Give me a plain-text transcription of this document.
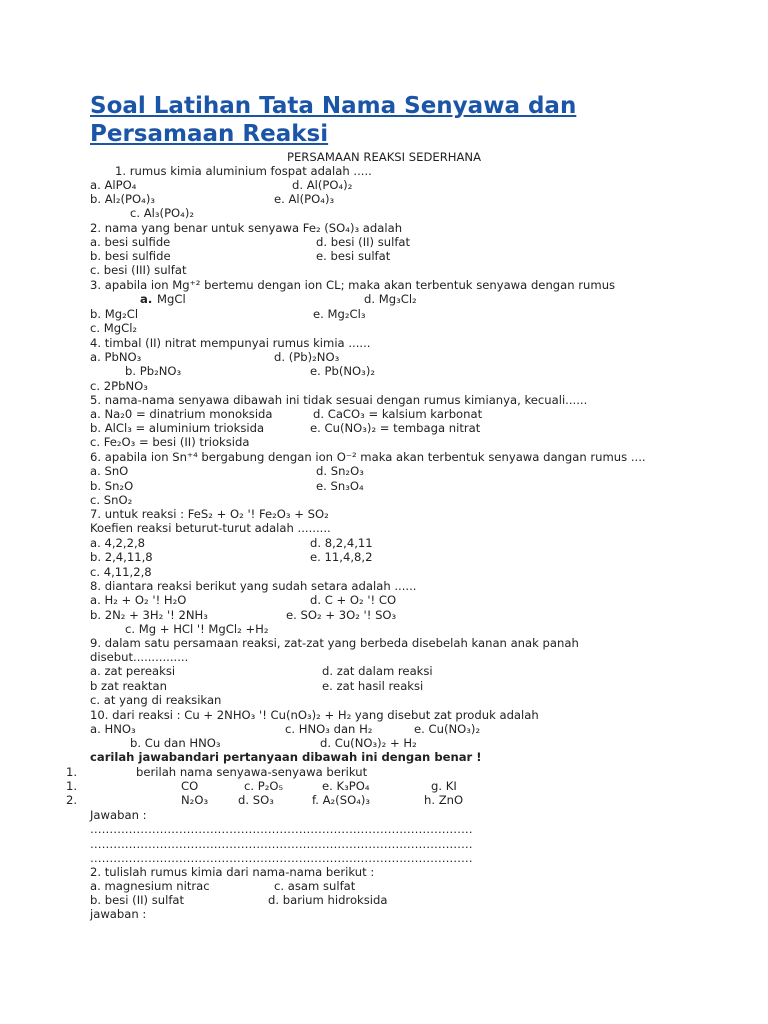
Soal Latihan Tata Nama Senyawa dan
Persamaan Reaksi
PERSAMAAN REAKSI SEDERHANA
1. rumus kimia aluminium fospat adalah .....
a. AlPO₄	d. Al(PO₄)₂
b. Al₂(PO₄)₃	e. Al(PO₄)₃
c. Al₃(PO₄)₂
2. nama yang benar untuk senyawa Fe₂ (SO₄)₃ adalah
a. besi sulfide	d. besi (II) sulfat
b. besi sulfide	e. besi sulfat
c. besi (III) sulfat
3. apabila ion Mg⁺² bertemu dengan ion CL; maka akan terbentuk senyawa dengan rumus
a. MgCl	d. Mg₃Cl₂
b. Mg₂Cl	e. Mg₂Cl₃
c. MgCl₂
4. timbal (II) nitrat mempunyai rumus kimia ......
a. PbNO₃	d. (Pb)₂NO₃
b. Pb₂NO₃	e. Pb(NO₃)₂
c. 2PbNO₃
5. nama-nama senyawa dibawah ini tidak sesuai dengan rumus kimianya, kecuali......
a. Na₂0 = dinatrium monoksida	d. CaCO₃ = kalsium karbonat
b. AlCl₃ = aluminium trioksida	e. Cu(NO₃)₂ = tembaga nitrat
c. Fe₂O₃ = besi (II) trioksida
6. apabila ion Sn⁺⁴ bergabung dengan ion O⁻² maka akan terbentuk senyawa dangan rumus ....
a. SnO	d. Sn₂O₃
b. Sn₂O	e. Sn₃O₄
c. SnO₂
7. untuk reaksi : FeS₂ + O₂ '! Fe₂O₃ + SO₂
Koefien reaksi beturut-turut adalah .........
a. 4,2,2,8	d. 8,2,4,11
b. 2,4,11,8	e. 11,4,8,2
c. 4,11,2,8
8. diantara reaksi berikut yang sudah setara adalah ......
a. H₂ + O₂ '! H₂O	d. C + O₂ '! CO
b. 2N₂ + 3H₂ '! 2NH₃	e. SO₂ + 3O₂ '! SO₃
c. Mg + HCl '! MgCl₂ +H₂
9. dalam satu persamaan reaksi, zat-zat yang berbeda disebelah kanan anak panah
disebut...............
a. zat pereaksi	d. zat dalam reaksi
b zat reaktan	e. zat hasil reaksi
c. at yang di reaksikan
10. dari reaksi : Cu + 2NHO₃ '! Cu(nO₃)₂ + H₂ yang disebut zat produk adalah
a. HNO₃	c. HNO₃ dan H₂	e. Cu(NO₃)₂
b. Cu dan HNO₃	d. Cu(NO₃)₂ + H₂
carilah jawabandari pertanyaan dibawah ini dengan benar !
1.	berilah nama senyawa-senyawa berikut
1.	CO	c. P₂O₅	e. K₃PO₄	g. KI
2.	N₂O₃	d. SO₃	f. A₂(SO₄)₃	h. ZnO
Jawaban :
………………………………………………………………………………………
………………………………………………………………………………………
………………………………………………………………………………………
2. tulislah rumus kimia dari nama-nama berikut :
a. magnesium nitrac	c. asam sulfat
b. besi (II) sulfat	d. barium hidroksida
jawaban :
